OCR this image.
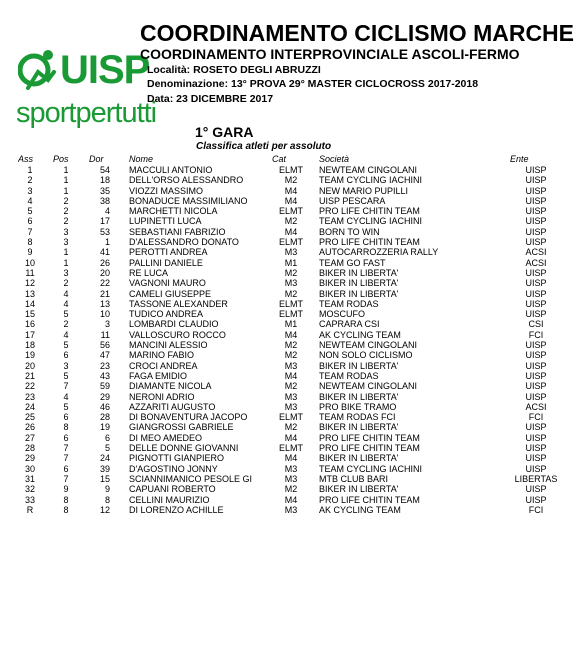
UISP
sportpertutti
COORDINAMENTO CICLISMO MARCHE
COORDINAMENTO INTERPROVINCIALE ASCOLI-FERMO
Località: ROSETO DEGLI ABRUZZI
Denominazione: 13° PROVA 29° MASTER CICLOCROSS 2017-2018
Data: 23 DICEMBRE 2017
1° GARA
Classifica atleti per assoluto
Ass Pos Dor	Nome	Cat	Società	Ente
1	1	54 MACCULI ANTONIO	ELMT	NEWTEAM CINGOLANI	UISP
2	1	18 DELL'ORSO ALESSANDRO	M2	TEAM CYCLING IACHINI	UISP
3	1	35 VIOZZI MASSIMO	M4	NEW MARIO PUPILLI	UISP
4	2	38 BONADUCE MASSIMILIANO	M4	UISP PESCARA	UISP
5	2	4 MARCHETTI NICOLA	ELMT	PRO LIFE CHITIN TEAM	UISP
6	2	17 LUPINETTI LUCA	M2	TEAM CYCLING IACHINI	UISP
7	3	53 SEBASTIANI FABRIZIO	M4	BORN TO WIN	UISP
8	3	1 D'ALESSANDRO DONATO	ELMT	PRO LIFE CHITIN TEAM	UISP
9	1	41 PEROTTI ANDREA	M3	AUTOCARROZZERIA RALLY	ACSI
10	1	26 PALLINI DANIELE	M1	TEAM GO FAST	ACSI
11	3	20 RE LUCA	M2	BIKER IN LIBERTA'	UISP
12	2	22 VAGNONI MAURO	M3	BIKER IN LIBERTA'	UISP
13	4	21 CAMELI GIUSEPPE	M2	BIKER IN LIBERTA'	UISP
14	4	13 TASSONE ALEXANDER	ELMT	TEAM RODAS	UISP
15	5	10 TUDICO ANDREA	ELMT	MOSCUFO	UISP
16	2	3 LOMBARDI CLAUDIO	M1	CAPRARA CSI	CSI
17	4	11 VALLOSCURO ROCCO	M4	AK CYCLING TEAM	FCI
18	5	56 MANCINI ALESSIO	M2	NEWTEAM CINGOLANI	UISP
19	6	47 MARINO FABIO	M2	NON SOLO CICLISMO	UISP
20	3	23 CROCI ANDREA	M3	BIKER IN LIBERTA'	UISP
21	5	43 FAGA EMIDIO	M4	TEAM RODAS	UISP
22	7	59 DIAMANTE NICOLA	M2	NEWTEAM CINGOLANI	UISP
23	4	29 NERONI ADRIO	M3	BIKER IN LIBERTA'	UISP
24	5	46 AZZARITI AUGUSTO	M3	PRO BIKE TRAMO	ACSI
25	6	28 DI BONAVENTURA JACOPO	ELMT	TEAM RODAS FCI	FCI
26	8	19 GIANGROSSI GABRIELE	M2	BIKER IN LIBERTA'	UISP
27	6	6 DI MEO AMEDEO	M4	PRO LIFE CHITIN TEAM	UISP
28	7	5 DELLE DONNE GIOVANNI	ELMT	PRO LIFE CHITIN TEAM	UISP
29	7	24 PIGNOTTI GIANPIERO	M4	BIKER IN LIBERTA'	UISP
30	6	39 D'AGOSTINO JONNY	M3	TEAM CYCLING IACHINI	UISP
31	7	15 SCIANNIMANICO PESOLE GI	M3	MTB CLUB BARI	LIBERTAS
32	9	9 CAPUANI ROBERTO	M2	BIKER IN LIBERTA'	UISP
33	8	8 CELLINI MAURIZIO	M4	PRO LIFE CHITIN TEAM	UISP
R	8	12 DI LORENZO ACHILLE	M3	AK CYCLING TEAM	FCI
